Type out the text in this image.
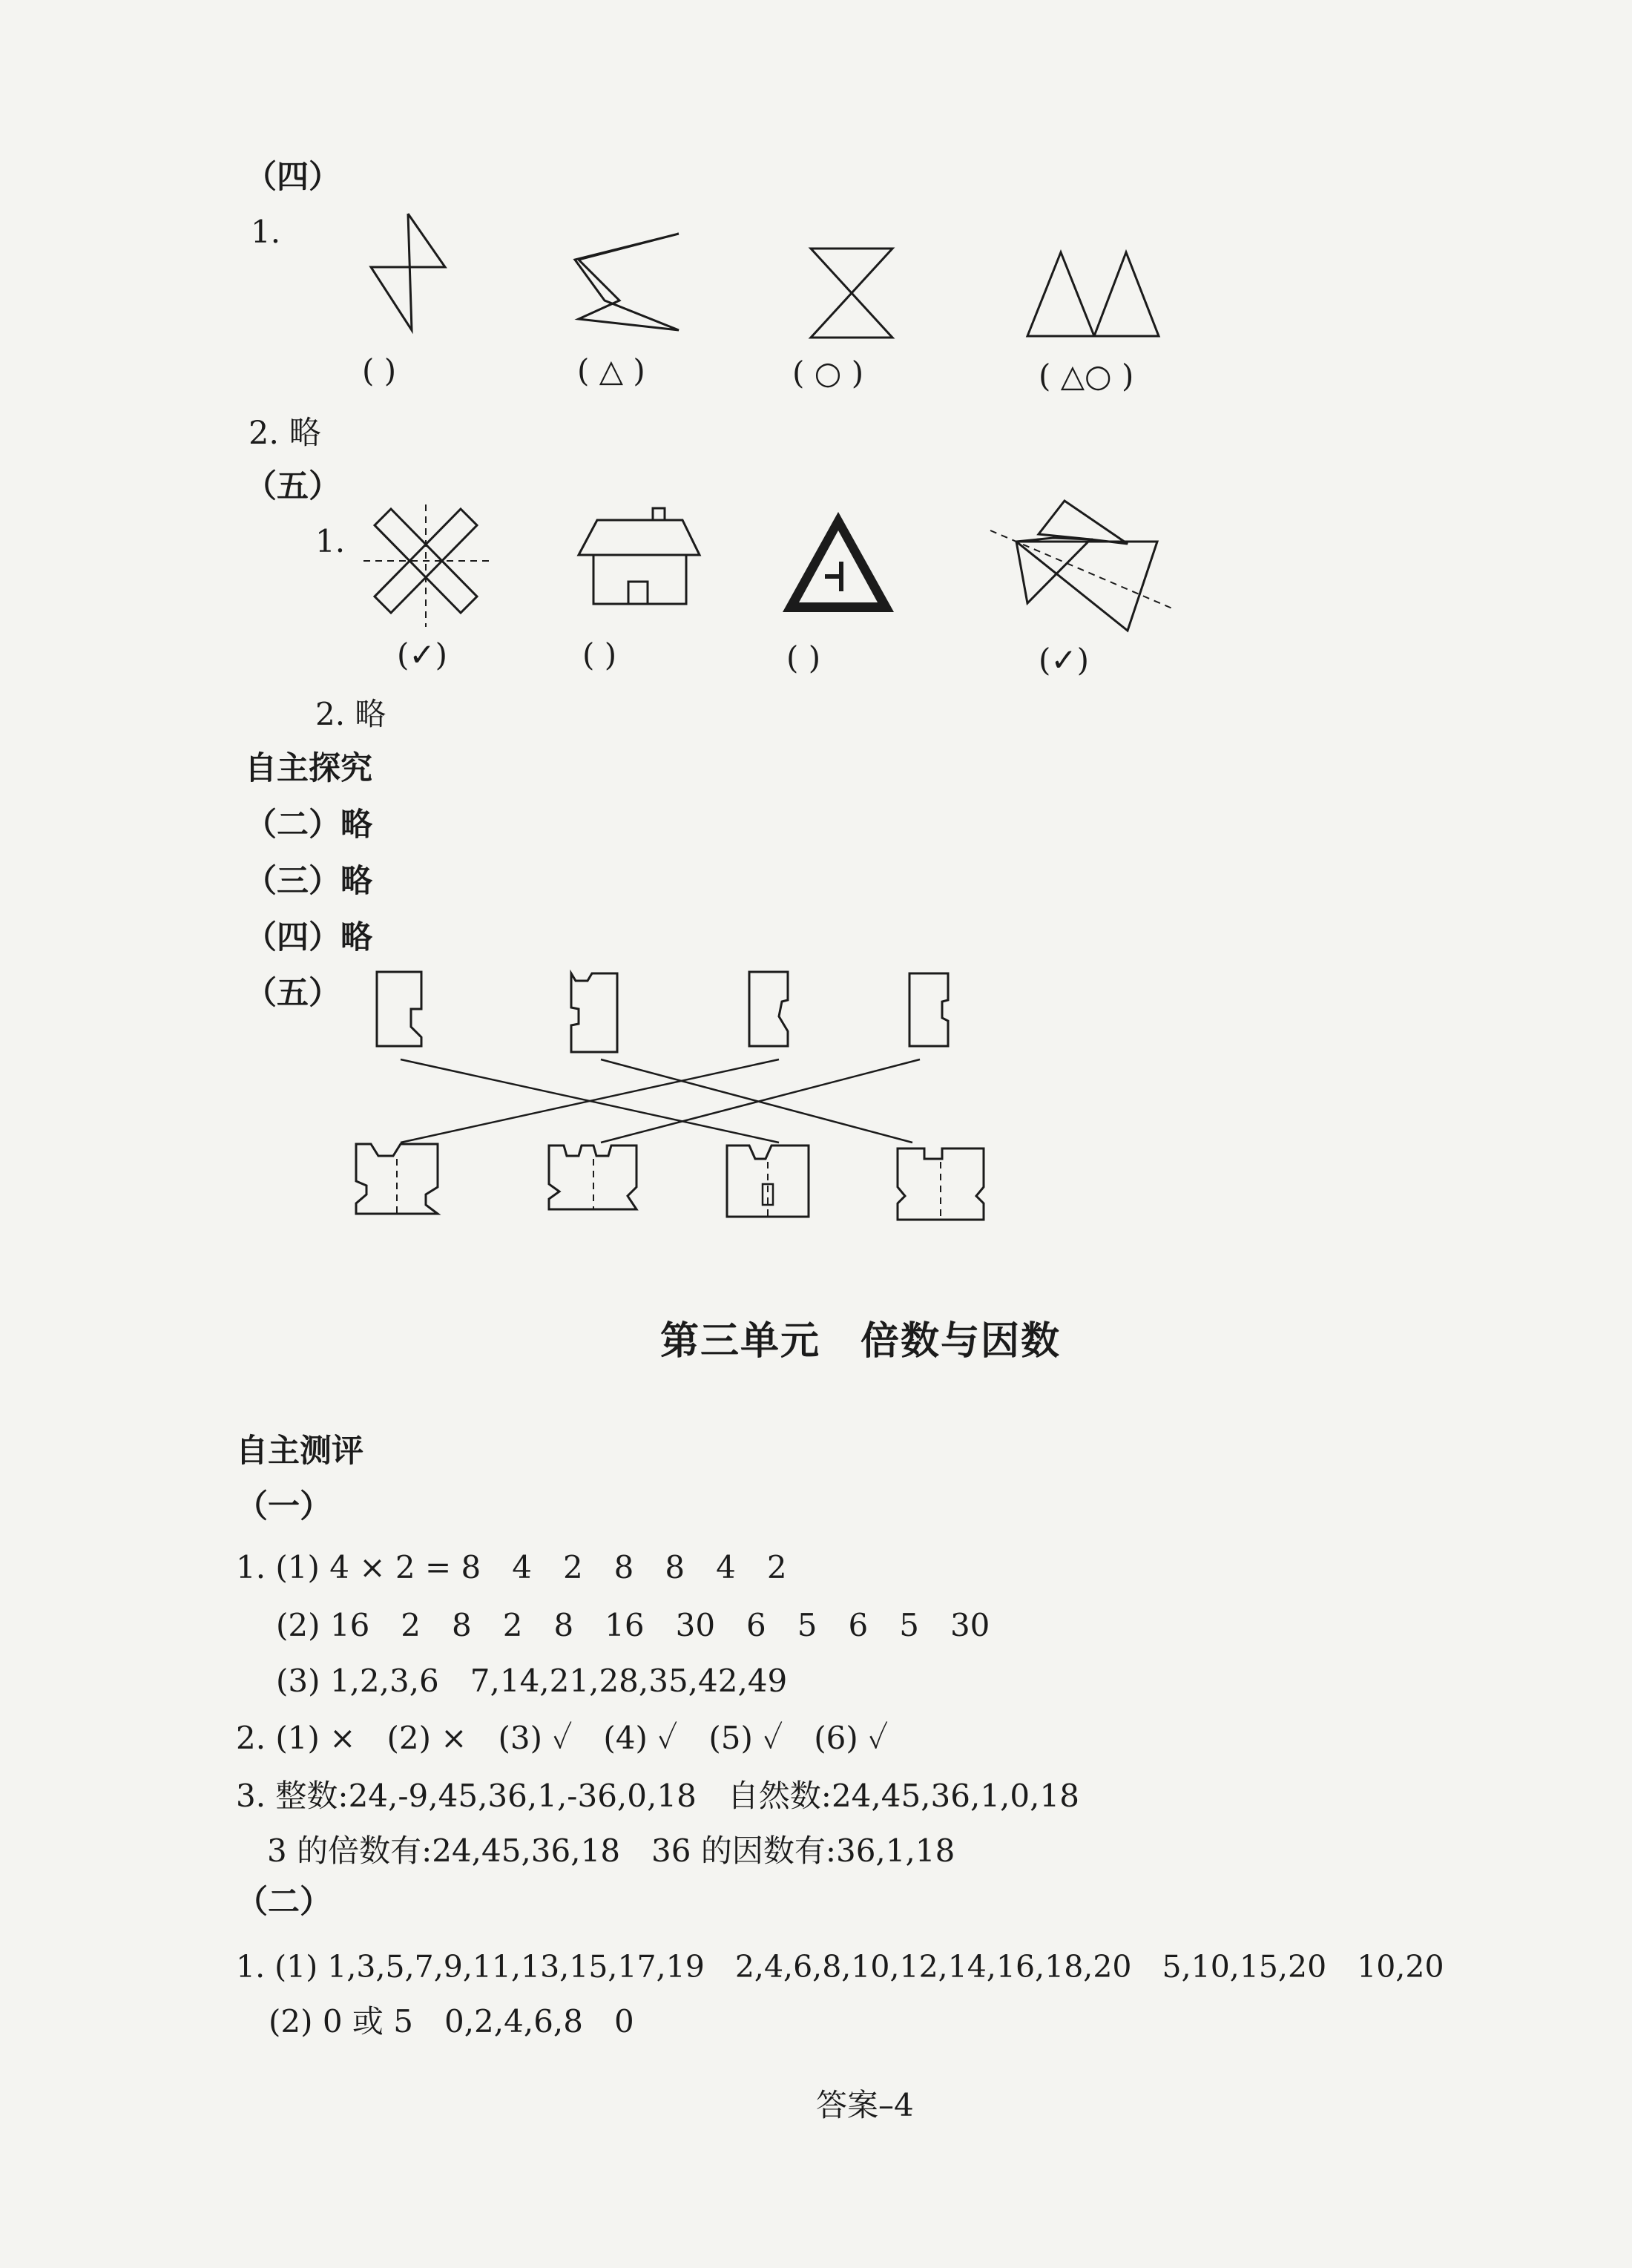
（四）
1.
( )	( △ )	( ○ )	( △○ )
2. 略
（五）
1.
(✓)	( )	( )	(✓)
2. 略
自主探究
（二）略
（三）略
（四）略
（五）
第三单元　倍数与因数
自主测评
（一）
1. (1) 4 × 2 = 8　4　2　8　8　4　2
(2) 16　2　8　2　8　16　30　6　5　6　5　30
(3) 1,2,3,6　7,14,21,28,35,42,49
2. (1) ×　(2) ×　(3) ✓　(4) ✓　(5) ✓　(6) ✓
3. 整数:24,-9,45,36,1,-36,0,18　自然数:24,45,36,1,0,18
3 的倍数有:24,45,36,18　36 的因数有:36,1,18
（二）
1. (1) 1,3,5,7,9,11,13,15,17,19　2,4,6,8,10,12,14,16,18,20　5,10,15,20　10,20
(2) 0 或 5　0,2,4,6,8　0
答案–4
